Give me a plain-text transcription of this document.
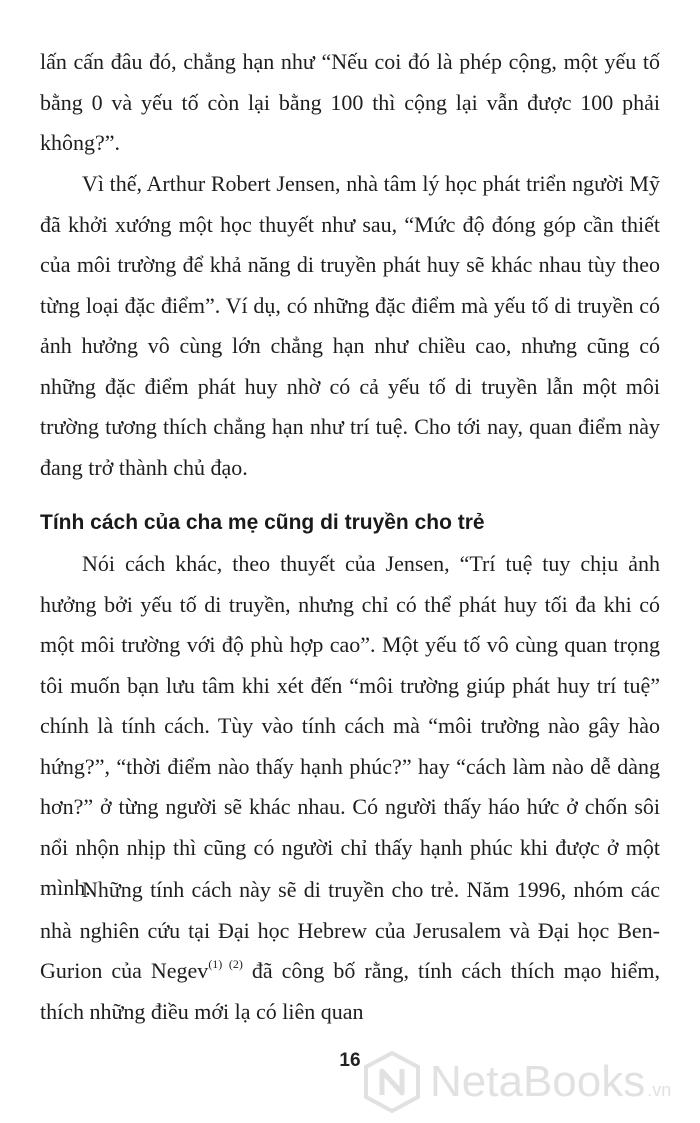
lấn cấn đâu đó, chẳng hạn như “Nếu coi đó là phép cộng, một yếu tố bằng 0 và yếu tố còn lại bằng 100 thì cộng lại vẫn được 100 phải không?”.

Vì thế, Arthur Robert Jensen, nhà tâm lý học phát triển người Mỹ đã khởi xướng một học thuyết như sau, “Mức độ đóng góp cần thiết của môi trường để khả năng di truyền phát huy sẽ khác nhau tùy theo từng loại đặc điểm”. Ví dụ, có những đặc điểm mà yếu tố di truyền có ảnh hưởng vô cùng lớn chẳng hạn như chiều cao, nhưng cũng có những đặc điểm phát huy nhờ có cả yếu tố di truyền lẫn một môi trường tương thích chẳng hạn như trí tuệ. Cho tới nay, quan điểm này đang trở thành chủ đạo.

Tính cách của cha mẹ cũng di truyền cho trẻ

Nói cách khác, theo thuyết của Jensen, “Trí tuệ tuy chịu ảnh hưởng bởi yếu tố di truyền, nhưng chỉ có thể phát huy tối đa khi có một môi trường với độ phù hợp cao”. Một yếu tố vô cùng quan trọng tôi muốn bạn lưu tâm khi xét đến “môi trường giúp phát huy trí tuệ” chính là tính cách. Tùy vào tính cách mà “môi trường nào gây hào hứng?”, “thời điểm nào thấy hạnh phúc?” hay “cách làm nào dễ dàng hơn?” ở từng người sẽ khác nhau. Có người thấy háo hức ở chốn sôi nổi nhộn nhịp thì cũng có người chỉ thấy hạnh phúc khi được ở một mình.

Những tính cách này sẽ di truyền cho trẻ. Năm 1996, nhóm các nhà nghiên cứu tại Đại học Hebrew của Jerusalem và Đại học Ben-Gurion của Negev$^{(1) (2)}$ đã công bố rằng, tính cách thích mạo hiểm, thích những điều mới lạ có liên quan

16	NetaBooks .vn
